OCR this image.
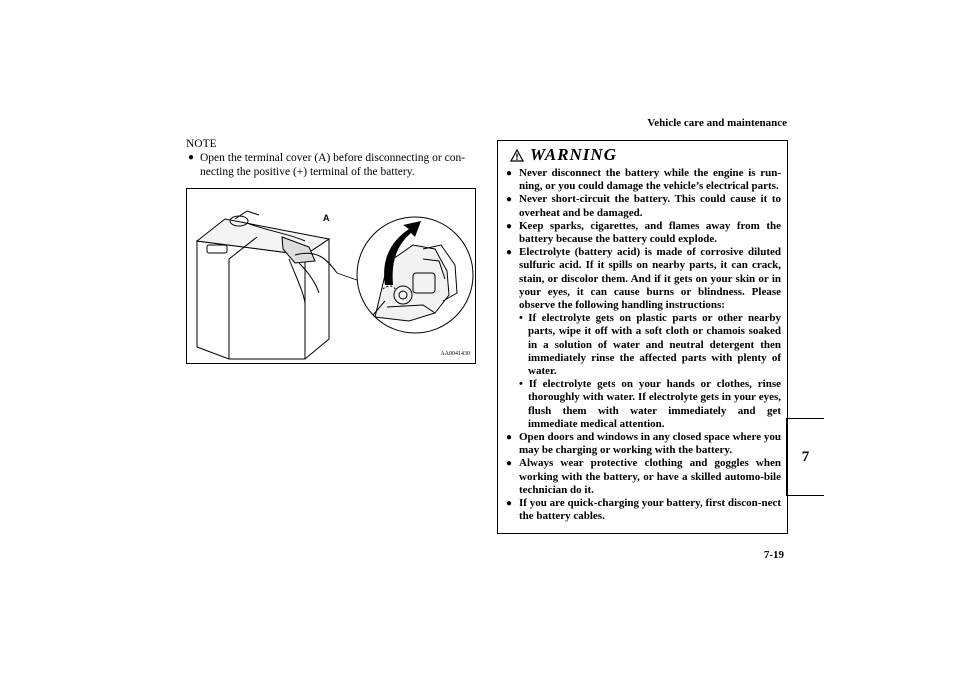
Vehicle care and maintenance
NOTE
● Open the terminal cover (A) before disconnecting or con-necting the positive (+) terminal of the battery.
A
AA0041430
WARNING
● Never disconnect the battery while the engine is run-ning, or you could damage the vehicle’s electrical parts.
● Never short-circuit the battery. This could cause it to overheat and be damaged.
● Keep sparks, cigarettes, and flames away from the battery because the battery could explode.
● Electrolyte (battery acid) is made of corrosive diluted sulfuric acid. If it spills on nearby parts, it can crack, stain, or discolor them. And if it gets on your skin or in your eyes, it can cause burns or blindness. Please observe the following handling instructions:
• If electrolyte gets on plastic parts or other nearby parts, wipe it off with a soft cloth or chamois soaked in a solution of water and neutral detergent then immediately rinse the affected parts with plenty of water.
• If electrolyte gets on your hands or clothes, rinse thoroughly with water. If electrolyte gets in your eyes, flush them with water immediately and get immediate medical attention.
● Open doors and windows in any closed space where you may be charging or working with the battery.
● Always wear protective clothing and goggles when working with the battery, or have a skilled automo-bile technician do it.
● If you are quick-charging your battery, first discon-nect the battery cables.
7
7-19
